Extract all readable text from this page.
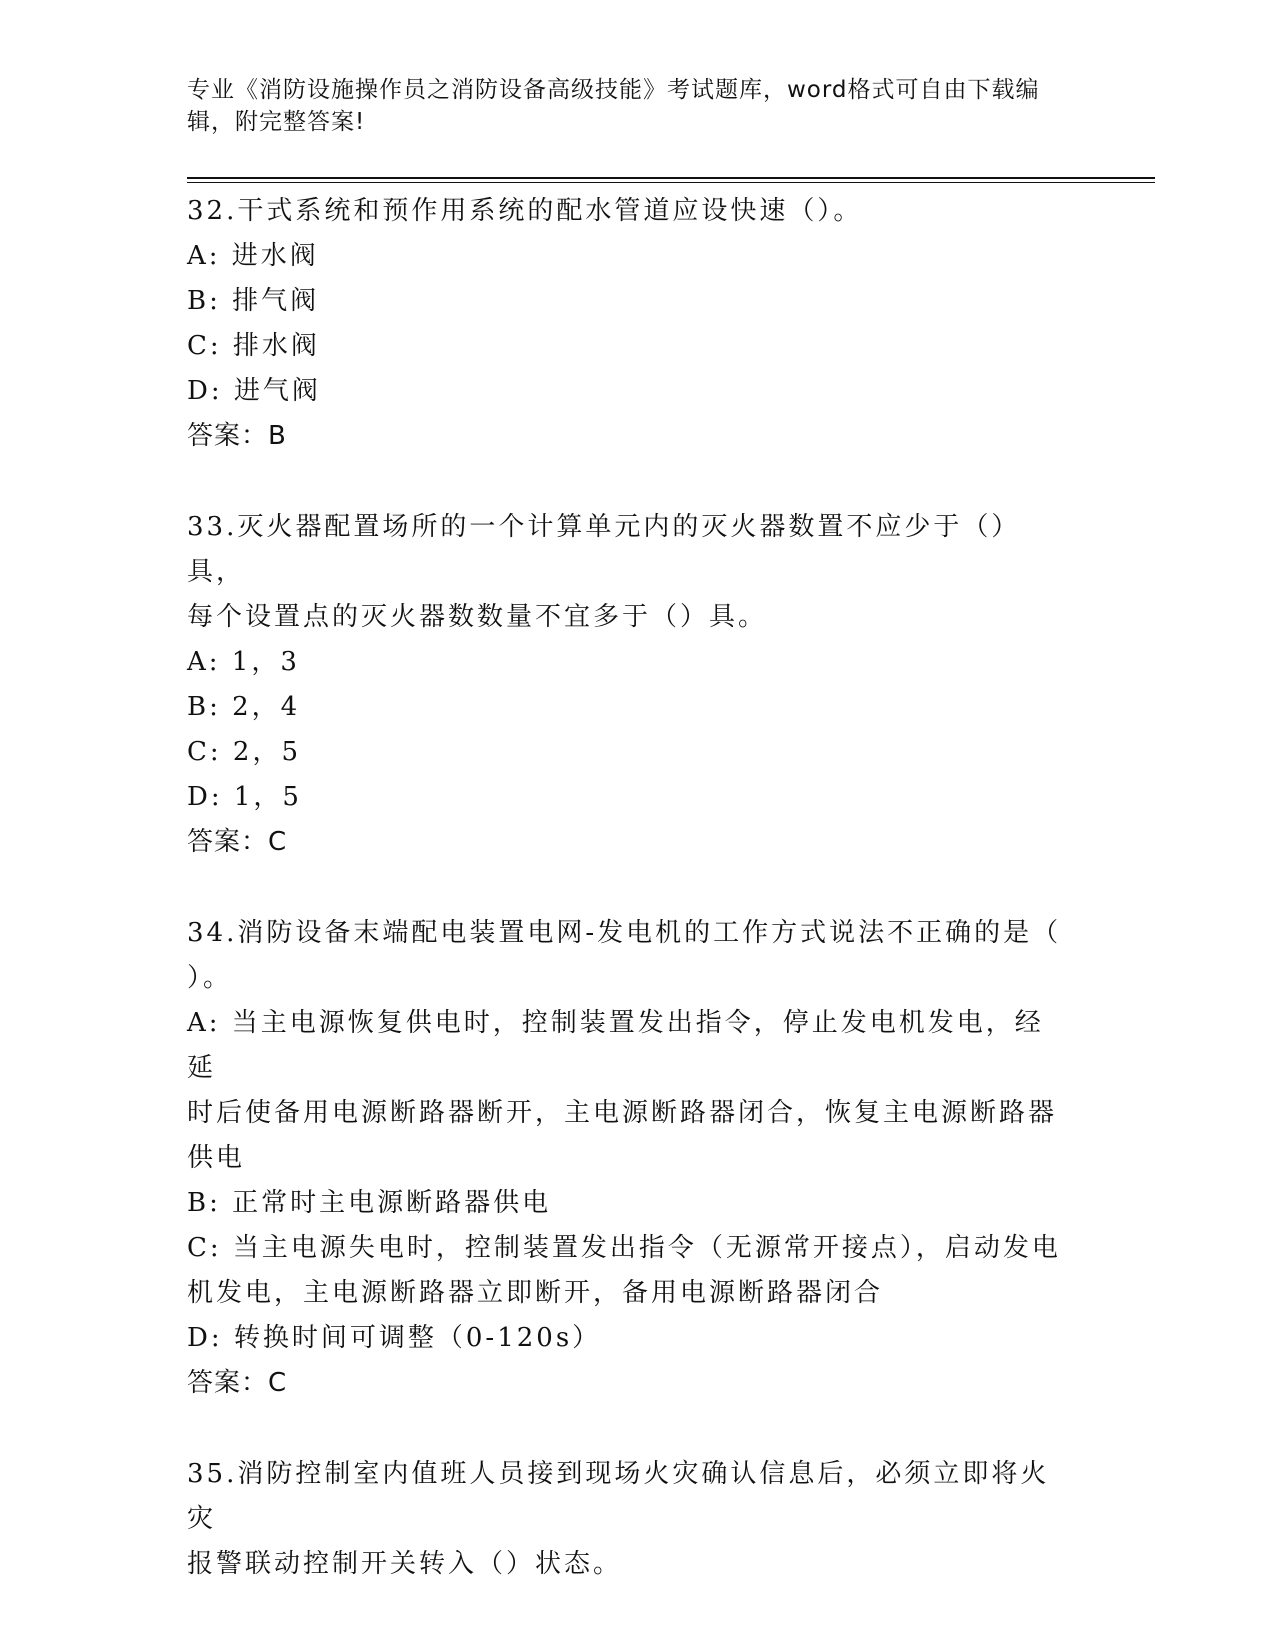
专业《消防设施操作员之消防设备高级技能》考试题库，word格式可自由下载编辑，附完整答案!
32.干式系统和预作用系统的配水管道应设快速（）。
A: 进水阀
B: 排气阀
C: 排水阀
D: 进气阀
答案：B
33.灭火器配置场所的一个计算单元内的灭火器数置不应少于（）具，
每个设置点的灭火器数数量不宜多于（）具。
A: 1，3
B: 2，4
C: 2，5
D: 1，5
答案：C
34.消防设备末端配电装置电网-发电机的工作方式说法不正确的是（
）。
A: 当主电源恢复供电时，控制装置发出指令，停止发电机发电，经延
时后使备用电源断路器断开，主电源断路器闭合，恢复主电源断路器
供电
B: 正常时主电源断路器供电
C: 当主电源失电时，控制装置发出指令（无源常开接点），启动发电
机发电，主电源断路器立即断开，备用电源断路器闭合
D: 转换时间可调整（0-120s）
答案：C
35.消防控制室内值班人员接到现场火灾确认信息后，必须立即将火灾
报警联动控制开关转入（）状态。
